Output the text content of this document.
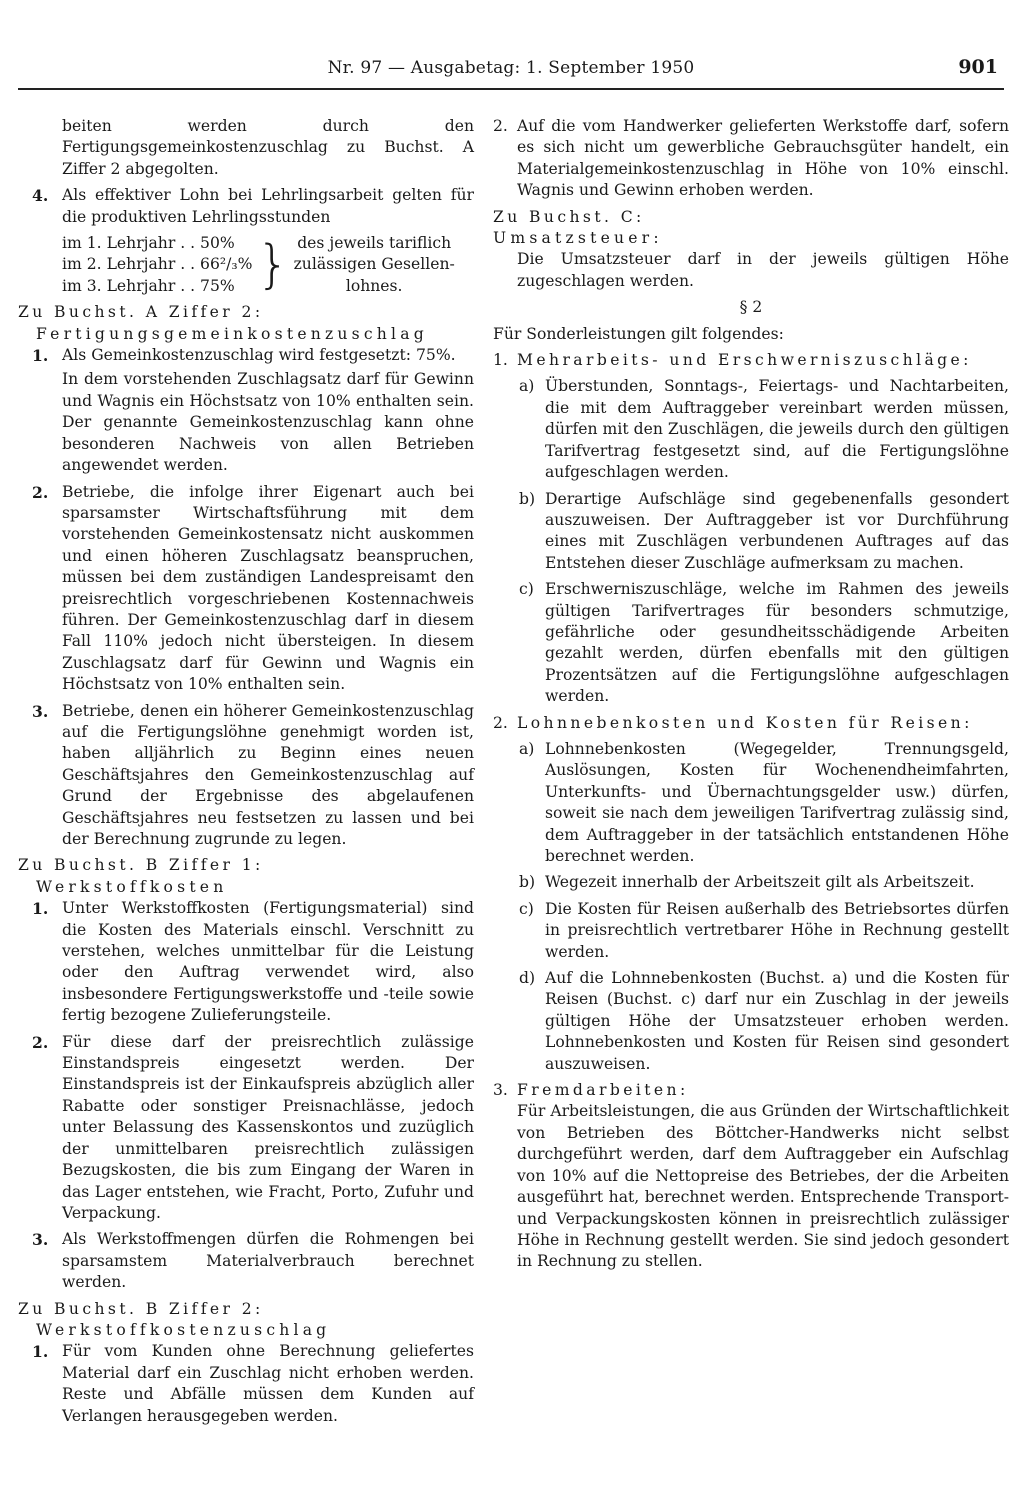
Nr. 97 — Ausgabetag: 1. September 1950	901

beiten werden durch den Fertigungsgemeinkostenzuschlag zu Buchst. A Ziffer 2 abgegolten.

4. Als effektiver Lohn bei Lehrlingsarbeit gelten für die produktiven Lehrlingsstunden
im 1. Lehrjahr . . 50%
im 2. Lehrjahr . . 66²/₃%
im 3. Lehrjahr . . 75% } des jeweils tariflich
zulässigen Gesellen-
lohnes.

Zu Buchst. A Ziffer 2:

Fertigungsgemeinkostenzuschlag

1. Als Gemeinkostenzuschlag wird festgesetzt: 75%.
In dem vorstehenden Zuschlagsatz darf für Gewinn und Wagnis ein Höchstsatz von 10% enthalten sein. Der genannte Gemeinkostenzuschlag kann ohne besonderen Nachweis von allen Betrieben angewendet werden.
2. Betriebe, die infolge ihrer Eigenart auch bei sparsamster Wirtschaftsführung mit dem vorstehenden Gemeinkostensatz nicht auskommen und einen höheren Zuschlagsatz beanspruchen, müssen bei dem zuständigen Landespreisamt den preisrechtlich vorgeschriebenen Kostennachweis führen. Der Gemeinkostenzuschlag darf in diesem Fall 110% jedoch nicht übersteigen. In diesem Zuschlagsatz darf für Gewinn und Wagnis ein Höchstsatz von 10% enthalten sein.
3. Betriebe, denen ein höherer Gemeinkostenzuschlag auf die Fertigungslöhne genehmigt worden ist, haben alljährlich zu Beginn eines neuen Geschäftsjahres den Gemeinkostenzuschlag auf Grund der Ergebnisse des abgelaufenen Geschäftsjahres neu festsetzen zu lassen und bei der Berechnung zugrunde zu legen.

Zu Buchst. B Ziffer 1:

Werkstoffkosten

1. Unter Werkstoffkosten (Fertigungsmaterial) sind die Kosten des Materials einschl. Verschnitt zu verstehen, welches unmittelbar für die Leistung oder den Auftrag verwendet wird, also insbesondere Fertigungswerkstoffe und -teile sowie fertig bezogene Zulieferungsteile.
2. Für diese darf der preisrechtlich zulässige Einstandspreis eingesetzt werden. Der Einstandspreis ist der Einkaufspreis abzüglich aller Rabatte oder sonstiger Preisnachlässe, jedoch unter Belassung des Kassenskontos und zuzüglich der unmittelbaren preisrechtlich zulässigen Bezugskosten, die bis zum Eingang der Waren in das Lager entstehen, wie Fracht, Porto, Zufuhr und Verpackung.
3. Als Werkstoffmengen dürfen die Rohmengen bei sparsamstem Materialverbrauch berechnet werden.

Zu Buchst. B Ziffer 2:

Werkstoffkostenzuschlag

1. Für vom Kunden ohne Berechnung geliefertes Material darf ein Zuschlag nicht erhoben werden. Reste und Abfälle müssen dem Kunden auf Verlangen herausgegeben werden.
2. Auf die vom Handwerker gelieferten Werkstoffe darf, sofern es sich nicht um gewerbliche Gebrauchsgüter handelt, ein Materialgemeinkostenzuschlag in Höhe von 10% einschl. Wagnis und Gewinn erhoben werden.

Zu Buchst. C:

Umsatzsteuer:

Die Umsatzsteuer darf in der jeweils gültigen Höhe zugeschlagen werden.

§ 2

Für Sonderleistungen gilt folgendes:

1. Mehrarbeits- und Erschwerniszuschläge:
a) Überstunden, Sonntags-, Feiertags- und Nachtarbeiten, die mit dem Auftraggeber vereinbart werden müssen, dürfen mit den Zuschlägen, die jeweils durch den gültigen Tarifvertrag festgesetzt sind, auf die Fertigungslöhne aufgeschlagen werden.
b) Derartige Aufschläge sind gegebenenfalls gesondert auszuweisen. Der Auftraggeber ist vor Durchführung eines mit Zuschlägen verbundenen Auftrages auf das Entstehen dieser Zuschläge aufmerksam zu machen.
c) Erschwerniszuschläge, welche im Rahmen des jeweils gültigen Tarifvertrages für besonders schmutzige, gefährliche oder gesundheitsschädigende Arbeiten gezahlt werden, dürfen ebenfalls mit den gültigen Prozentsätzen auf die Fertigungslöhne aufgeschlagen werden.
2. Lohnnebenkosten und Kosten für Reisen:
a) Lohnnebenkosten (Wegegelder, Trennungsgeld, Auslösungen, Kosten für Wochenendheimfahrten, Unterkunfts- und Übernachtungsgelder usw.) dürfen, soweit sie nach dem jeweiligen Tarifvertrag zulässig sind, dem Auftraggeber in der tatsächlich entstandenen Höhe berechnet werden.
b) Wegezeit innerhalb der Arbeitszeit gilt als Arbeitszeit.
c) Die Kosten für Reisen außerhalb des Betriebsortes dürfen in preisrechtlich vertretbarer Höhe in Rechnung gestellt werden.
d) Auf die Lohnnebenkosten (Buchst. a) und die Kosten für Reisen (Buchst. c) darf nur ein Zuschlag in der jeweils gültigen Höhe der Umsatzsteuer erhoben werden. Lohnnebenkosten und Kosten für Reisen sind gesondert auszuweisen.
3. Fremdarbeiten:
Für Arbeitsleistungen, die aus Gründen der Wirtschaftlichkeit von Betrieben des Böttcher-Handwerks nicht selbst durchgeführt werden, darf dem Auftraggeber ein Aufschlag von 10% auf die Nettopreise des Betriebes, der die Arbeiten ausgeführt hat, berechnet werden. Entsprechende Transport- und Verpackungskosten können in preisrechtlich zulässiger Höhe in Rechnung gestellt werden. Sie sind jedoch gesondert in Rechnung zu stellen.
